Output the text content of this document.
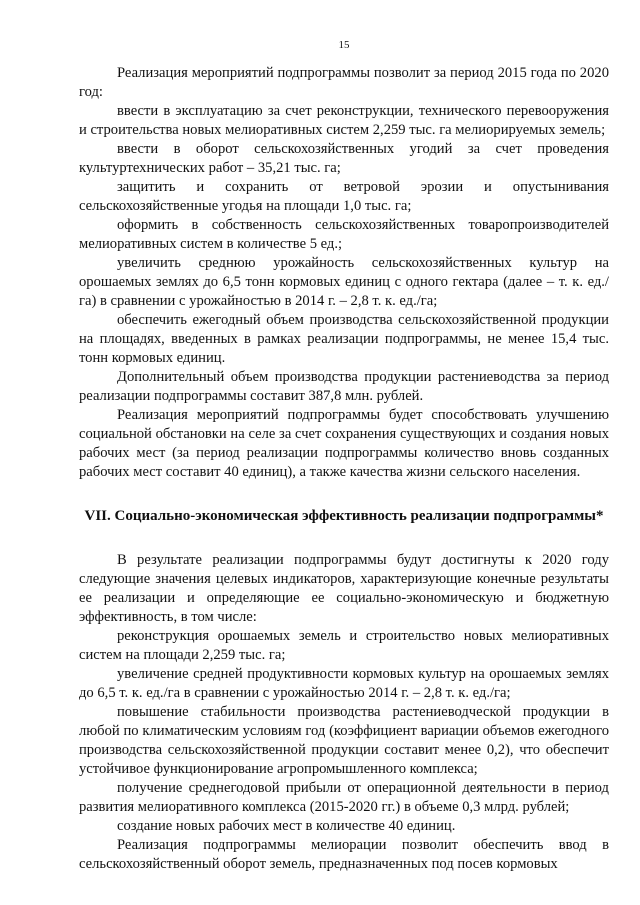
15

Реализация мероприятий подпрограммы позволит за период 2015 года по 2020 год:

ввести в эксплуатацию за счет реконструкции, технического перевооружения и строительства новых мелиоративных систем 2,259 тыс. га мелиорируемых земель;

ввести в оборот сельскохозяйственных угодий за счет проведения культуртехнических работ – 35,21 тыс. га;

защитить и сохранить от ветровой эрозии и опустынивания сельскохозяйственные угодья на площади 1,0 тыс. га;

оформить в собственность сельскохозяйственных товаропроизводителей мелиоративных систем в количестве 5 ед.;

увеличить среднюю урожайность сельскохозяйственных культур на орошаемых землях до 6,5 тонн кормовых единиц с одного гектара (далее – т. к. ед./га) в сравнении с урожайностью в 2014 г. – 2,8 т. к. ед./га;

обеспечить ежегодный объем производства сельскохозяйственной продукции на площадях, введенных в рамках реализации подпрограммы, не менее 15,4 тыс. тонн кормовых единиц.

Дополнительный объем производства продукции растениеводства за период реализации подпрограммы составит 387,8 млн. рублей.

Реализация мероприятий подпрограммы будет способствовать улучшению социальной обстановки на селе за счет сохранения существующих и создания новых рабочих мест (за период реализации подпрограммы количество вновь созданных рабочих мест составит 40 единиц), а также качества жизни сельского населения.

VII. Социально-экономическая эффективность реализации подпрограммы*

В результате реализации подпрограммы будут достигнуты к 2020 году следующие значения целевых индикаторов, характеризующие конечные результаты ее реализации и определяющие ее социально-экономическую и бюджетную эффективность, в том числе:

реконструкция орошаемых земель и строительство новых мелиоративных систем на площади 2,259 тыс. га;

увеличение средней продуктивности кормовых культур на орошаемых землях до 6,5 т. к. ед./га в сравнении с урожайностью 2014 г. – 2,8 т. к. ед./га;

повышение стабильности производства растениеводческой продукции в любой по климатическим условиям год (коэффициент вариации объемов ежегодного производства сельскохозяйственной продукции составит менее 0,2), что обеспечит устойчивое функционирование агропромышленного комплекса;

получение среднегодовой прибыли от операционной деятельности в период развития мелиоративного комплекса (2015-2020 гг.) в объеме 0,3 млрд. рублей;

создание новых рабочих мест в количестве 40 единиц.

Реализация подпрограммы мелиорации позволит обеспечить ввод в сельскохозяйственный оборот земель, предназначенных под посев кормовых
